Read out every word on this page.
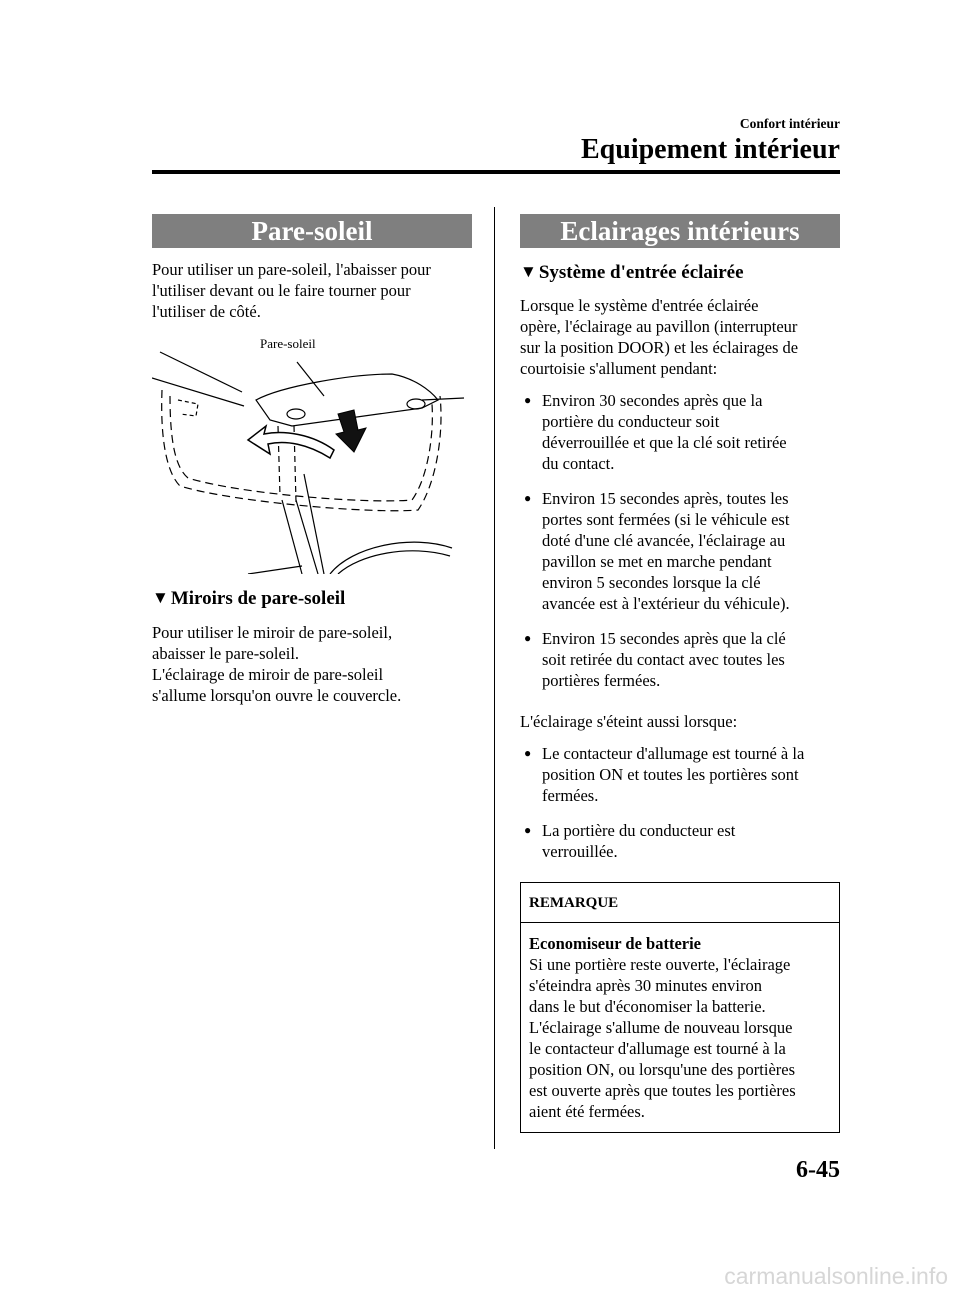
Confort intérieur
Equipement intérieur
Pare-soleil

Pour utiliser un pare-soleil, l'abaisser pour

l'utiliser devant ou le faire tourner pour

l'utiliser de côté.

Pare-soleil
▼ Miroirs de pare-soleil

Pour utiliser le miroir de pare-soleil,

abaisser le pare-soleil.

L'éclairage de miroir de pare-soleil

s'allume lorsqu'on ouvre le couvercle.

Eclairages intérieurs
▼ Système d'entrée éclairée

Lorsque le système d'entrée éclairée

opère, l'éclairage au pavillon (interrupteur

sur la position DOOR) et les éclairages de

courtoisie s'allument pendant:

● Environ 30 secondes après que la
portière du conducteur soit
déverrouillée et que la clé soit retirée
du contact.
● Environ 15 secondes après, toutes les
portes sont fermées (si le véhicule est
doté d'une clé avancée, l'éclairage au
pavillon se met en marche pendant
environ 5 secondes lorsque la clé
avancée est à l'extérieur du véhicule).
● Environ 15 secondes après que la clé
soit retirée du contact avec toutes les
portières fermées.

L'éclairage s'éteint aussi lorsque:

● Le contacteur d'allumage est tourné à la
position ON et toutes les portières sont
fermées.
● La portière du conducteur est
verrouillée.
REMARQUE
Economiseur de batterie
Si une portière reste ouverte, l'éclairage
s'éteindra après 30 minutes environ
dans le but d'économiser la batterie.
L'éclairage s'allume de nouveau lorsque
le contacteur d'allumage est tourné à la
position ON, ou lorsqu'une des portières
est ouverte après que toutes les portières
aient été fermées.
6-45
carmanualsonline.info
